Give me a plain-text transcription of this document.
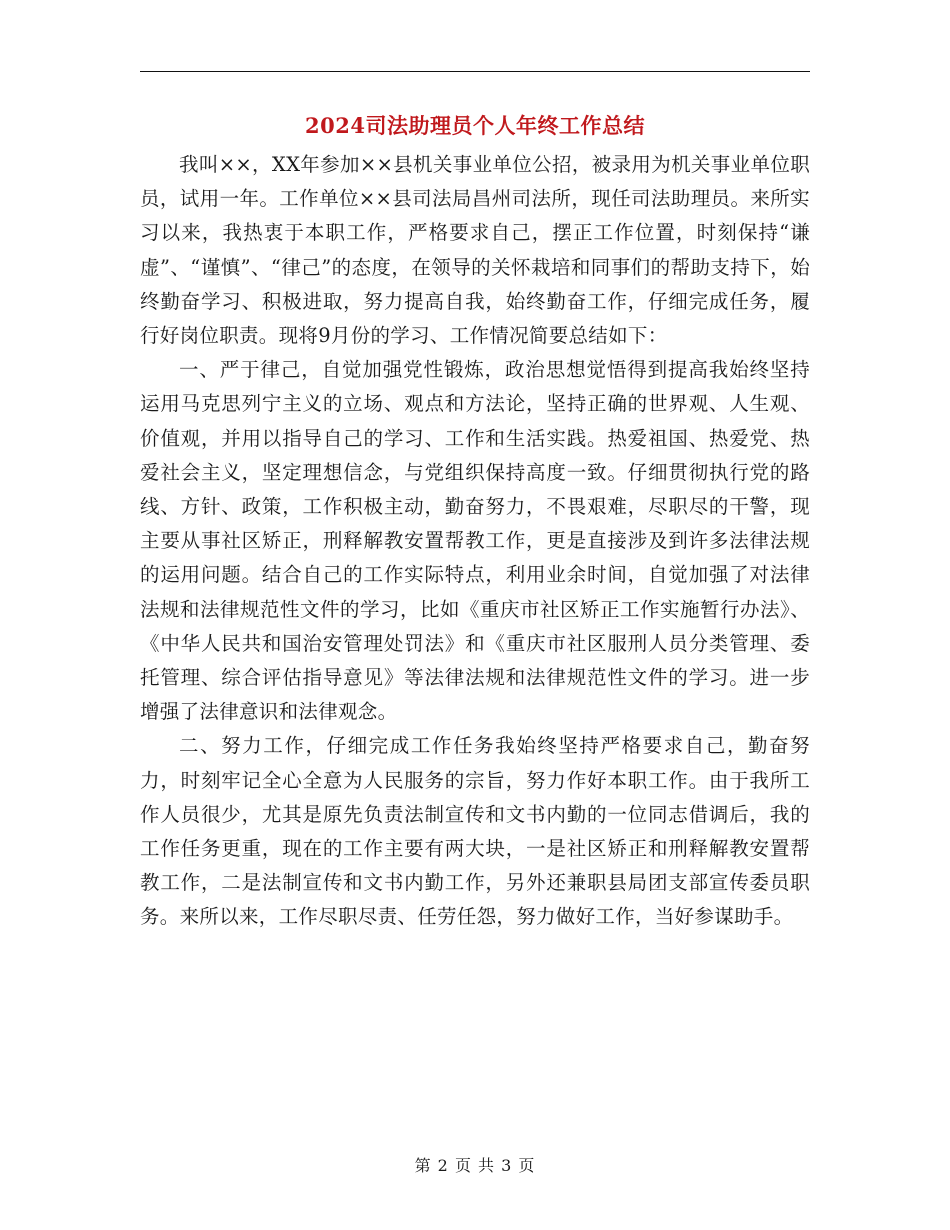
2024司法助理员个人年终工作总结

我叫××，XX年参加××县机关事业单位公招，被录用为机关事业单位职员，试用一年。工作单位××县司法局昌州司法所，现任司法助理员。来所实习以来，我热衷于本职工作，严格要求自己，摆正工作位置，时刻保持“谦虚”、“谨慎”、“律己”的态度，在领导的关怀栽培和同事们的帮助支持下，始终勤奋学习、积极进取，努力提高自我，始终勤奋工作，仔细完成任务，履行好岗位职责。现将9月份的学习、工作情况简要总结如下：

一、严于律己，自觉加强党性锻炼，政治思想觉悟得到提高我始终坚持运用马克思列宁主义的立场、观点和方法论，坚持正确的世界观、人生观、价值观，并用以指导自己的学习、工作和生活实践。热爱祖国、热爱党、热爱社会主义，坚定理想信念，与党组织保持高度一致。仔细贯彻执行党的路线、方针、政策，工作积极主动，勤奋努力，不畏艰难，尽职尽的干警，现主要从事社区矫正，刑释解教安置帮教工作，更是直接涉及到许多法律法规的运用问题。结合自己的工作实际特点，利用业余时间，自觉加强了对法律法规和法律规范性文件的学习，比如《重庆市社区矫正工作实施暂行办法》、《中华人民共和国治安管理处罚法》和《重庆市社区服刑人员分类管理、委托管理、综合评估指导意见》等法律法规和法律规范性文件的学习。进一步增强了法律意识和法律观念。

二、努力工作，仔细完成工作任务我始终坚持严格要求自己，勤奋努力，时刻牢记全心全意为人民服务的宗旨，努力作好本职工作。由于我所工作人员很少，尤其是原先负责法制宣传和文书内勤的一位同志借调后，我的工作任务更重，现在的工作主要有两大块，一是社区矫正和刑释解教安置帮教工作，二是法制宣传和文书内勤工作，另外还兼职县局团支部宣传委员职务。来所以来，工作尽职尽责、任劳任怨，努力做好工作，当好参谋助手。

第 2 页 共 3 页
